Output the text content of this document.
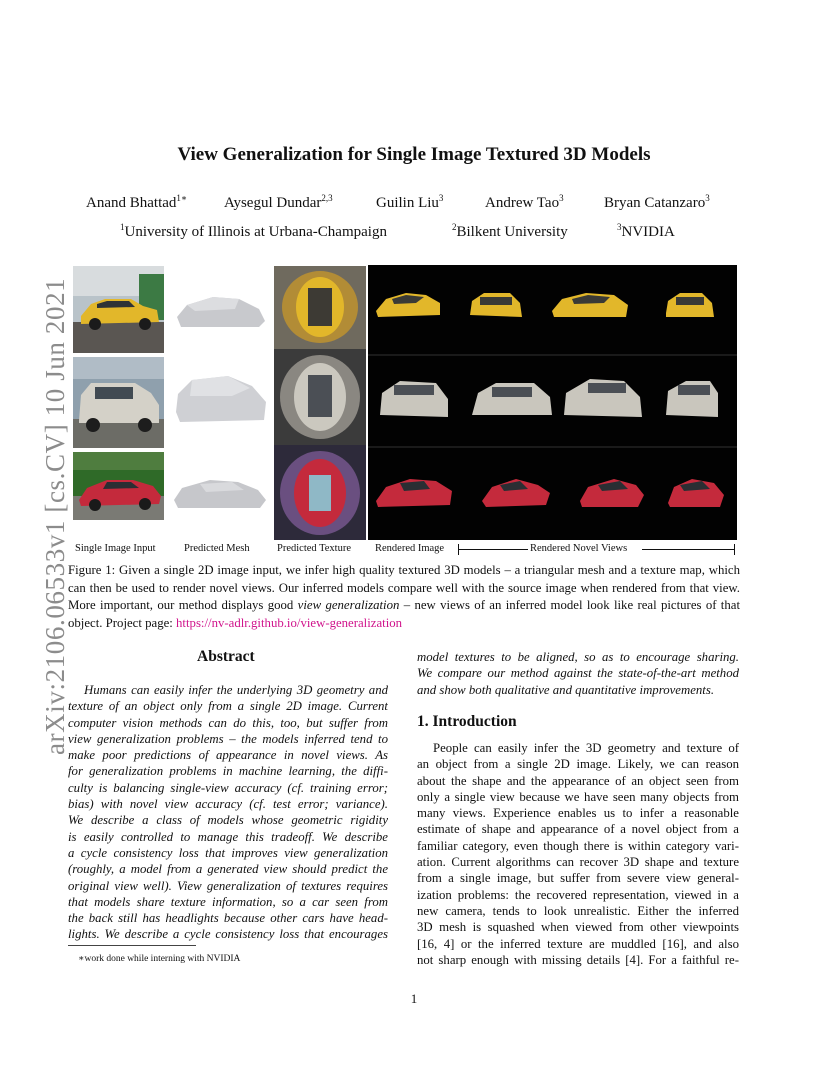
arXiv:2106.06533v1 [cs.CV] 10 Jun 2021
View Generalization for Single Image Textured 3D Models
Anand Bhattad$^{1∗}$ Aysegul Dundar$^{2,3}$	Guilin Liu$^3$	Andrew Tao$^3$	Bryan Catanzaro$^3$
$^1$University of Illinois at Urbana-Champaign	$^2$Bilkent University	$^3$NVIDIA
Single Image Input	Predicted Mesh	Predicted Texture Rendered Image	Rendered Novel Views
Figure 1: Given a single 2D image input, we infer high quality textured 3D models – a triangular mesh and a texture map, which can then be used to render novel views. Our inferred models compare well with the source image when rendered from that view. More important, our method displays good view generalization – new views of an inferred model look like real pictures of that object. Project page: https://nv-adlr.github.io/view-generalization
Abstract
Humans can easily infer the underlying 3D geometry and
texture of an object only from a single 2D image. Current
computer vision methods can do this, too, but suffer from
view generalization problems – the models inferred tend to
make poor predictions of appearance in novel views. As
for generalization problems in machine learning, the diffi-
culty is balancing single-view accuracy (cf. training error;
bias) with novel view accuracy (cf. test error; variance).
We describe a class of models whose geometric rigidity
is easily controlled to manage this tradeoff. We describe
a cycle consistency loss that improves view generalization
(roughly, a model from a generated view should predict the
original view well). View generalization of textures requires
that models share texture information, so a car seen from
the back still has headlights because other cars have head-
lights. We describe a cycle consistency loss that encourages
model textures to be aligned, so as to encourage sharing.
We compare our method against the state-of-the-art method
and show both qualitative and quantitative improvements.
1. Introduction
People can easily infer the 3D geometry and texture of
an object from a single 2D image. Likely, we can reason
about the shape and the appearance of an object seen from
only a single view because we have seen many objects from
many views. Experience enables us to infer a reasonable
estimate of shape and appearance of a novel object from a
familiar category, even though there is within category vari-
ation. Current algorithms can recover 3D shape and texture
from a single image, but suffer from severe view general-
ization problems: the recovered representation, viewed in a
new camera, tends to look unrealistic. Either the inferred
3D mesh is squashed when viewed from other viewpoints
[16, 4] or the inferred texture are muddled [16], and also
not sharp enough with missing details [4]. For a faithful re-
∗work done while interning with NVIDIA
1
